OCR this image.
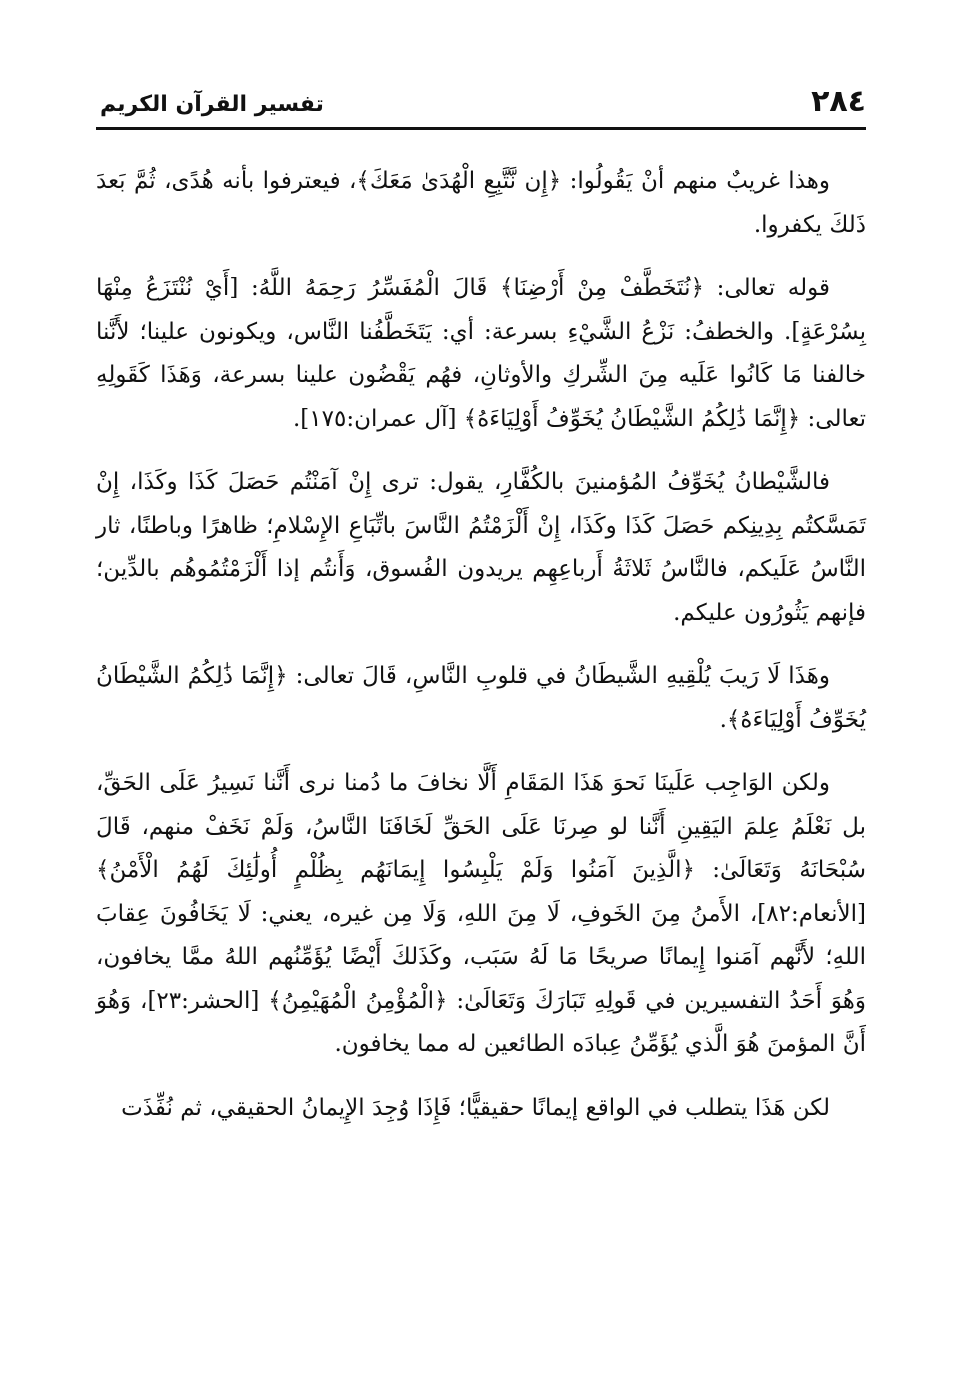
٢٨٤
تفسير القرآن الكريم

وهذا غريبٌ منهم أنْ يَقُولُوا: ﴿إِن نَّتَّبِعِ الْهُدَىٰ مَعَكَ﴾، فيعترفوا بأنه هُدًى، ثُمَّ بَعدَ ذَلكَ يكفروا.

قوله تعالى: ﴿نُتَخَطَّفْ مِنْ أَرْضِنَا﴾ قَالَ الْمُفَسِّرُ رَحِمَهُ اللَّهُ: [أَيْ نُنْتَزَعُ مِنْهَا بِسُرْعَةٍ]. والخطفُ: نَزْعُ الشَّيْءِ بسرعة: أي: يَتَخَطَّفُنا النَّاس، ويكونون علينا؛ لأَنَّنا خالفنا مَا كَانُوا عَلَيه مِنَ الشِّركِ والأوثانِ، فهُم يَقْضُون علينا بسرعة، وَهَذَا كَقَولِهِ تعالى: ﴿إِنَّمَا ذَٰلِكُمُ الشَّيْطَانُ يُخَوِّفُ أَوْلِيَاءَهُ﴾ [آل عمران:١٧٥].

فالشَّيْطانُ يُخَوِّفُ المُؤمنينَ بالكُفَّارِ، يقول: ترى إِنْ آمَنْتُم حَصَلَ كَذَا وكَذَا، إِنْ تَمَسَّكتُم بِدِينِكم حَصَلَ كَذَا وكَذَا، إِنْ أَلْزَمْتُمُ النَّاسَ باتِّبَاعِ الإِسْلامِ؛ ظاهرًا وباطنًا، ثار النَّاسُ عَلَيكم، فالنَّاسُ ثَلاثَةُ أَرباعِهِم يريدون الفُسوق، وَأَنتُم إذا أَلْزَمْتُمُوهُم بالدِّين؛ فإنهم يَثُورُون عليكم.

وهَذَا لَا رَيبَ يُلْقِيهِ الشَّيطَانُ في قلوبِ النَّاسِ، قَالَ تعالى: ﴿إِنَّمَا ذَٰلِكُمُ الشَّيْطَانُ يُخَوِّفُ أَوْلِيَاءَهُ﴾.

ولكن الوَاجِب عَلَينَا نَحوَ هَذَا المَقَامِ أَلَّا نخافَ ما دُمنا نرى أَنَّنا نَسِيرُ عَلَى الحَقِّ، بل نَعْلَمُ عِلمَ اليَقِينِ أَنَّنا لو صِرنَا عَلَى الحَقِّ لَخَافَنَا النَّاسُ، وَلَمْ نَخَفْ منهم، قَالَ سُبْحَانَهُ وَتَعَالَىٰ: ﴿الَّذِينَ آمَنُوا وَلَمْ يَلْبِسُوا إِيمَانَهُم بِظُلْمٍ أُولَٰئِكَ لَهُمُ الْأَمْنُ﴾ [الأنعام:٨٢]، الأَمنُ مِنَ الخَوفِ، لَا مِنَ اللهِ، وَلَا مِن غيره، يعني: لَا يَخَافُونَ عِقابَ اللهِ؛ لأَنَّهم آمَنوا إِيمانًا صريحًا مَا لَهُ سَبَب، وكَذَلكَ أَيْضًا يُؤَمِّنُهم اللهُ ممَّا يخافون، وَهُوَ أَحَدُ التفسيرين في قَولِهِ تَبَارَكَ وَتَعَالَىٰ: ﴿الْمُؤْمِنُ الْمُهَيْمِنُ﴾ [الحشر:٢٣]، وَهُوَ أَنَّ المؤمنَ هُوَ الَّذي يُؤَمِّنُ عِبادَه الطائعين له مما يخافون.

لكن هَذَا يتطلب في الواقع إيمانًا حقيقيًّا؛ فَإِذَا وُجِدَ الإِيمانُ الحقيقي، ثم نُفِّذَت
